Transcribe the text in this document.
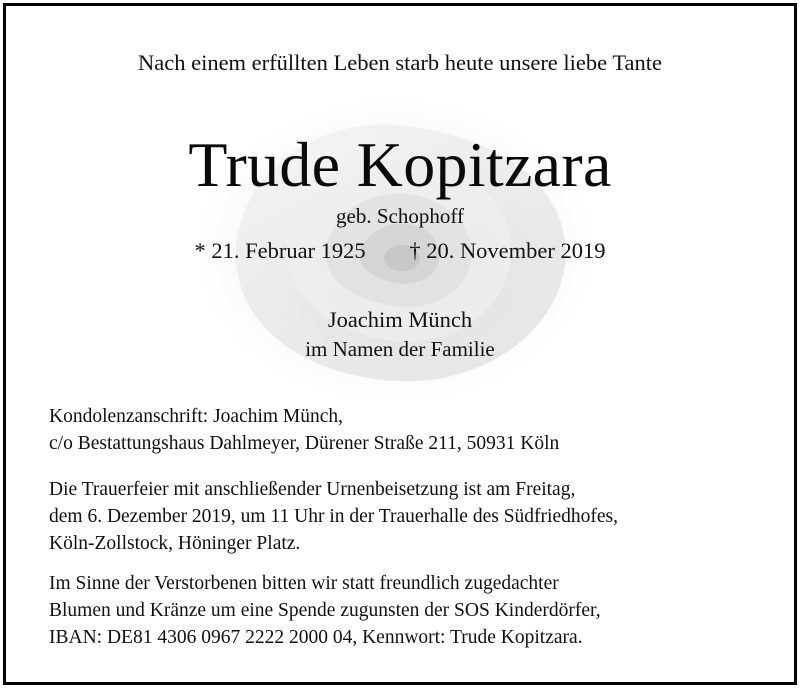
Nach einem erfüllten Leben starb heute unsere liebe Tante
Trude Kopitzara
geb. Schophoff
* 21. Februar 1925 † 20. November 2019
Joachim Münch
im Namen der Familie
Kondolenzanschrift: Joachim Münch,
c/o Bestattungshaus Dahlmeyer, Dürener Straße 211, 50931 Köln
Die Trauerfeier mit anschließender Urnenbeisetzung ist am Freitag,
dem 6. Dezember 2019, um 11 Uhr in der Trauerhalle des Südfriedhofes,
Köln-Zollstock, Höninger Platz.
Im Sinne der Verstorbenen bitten wir statt freundlich zugedachter
Blumen und Kränze um eine Spende zugunsten der SOS Kinderdörfer,
IBAN: DE81 4306 0967 2222 2000 04, Kennwort: Trude Kopitzara.
